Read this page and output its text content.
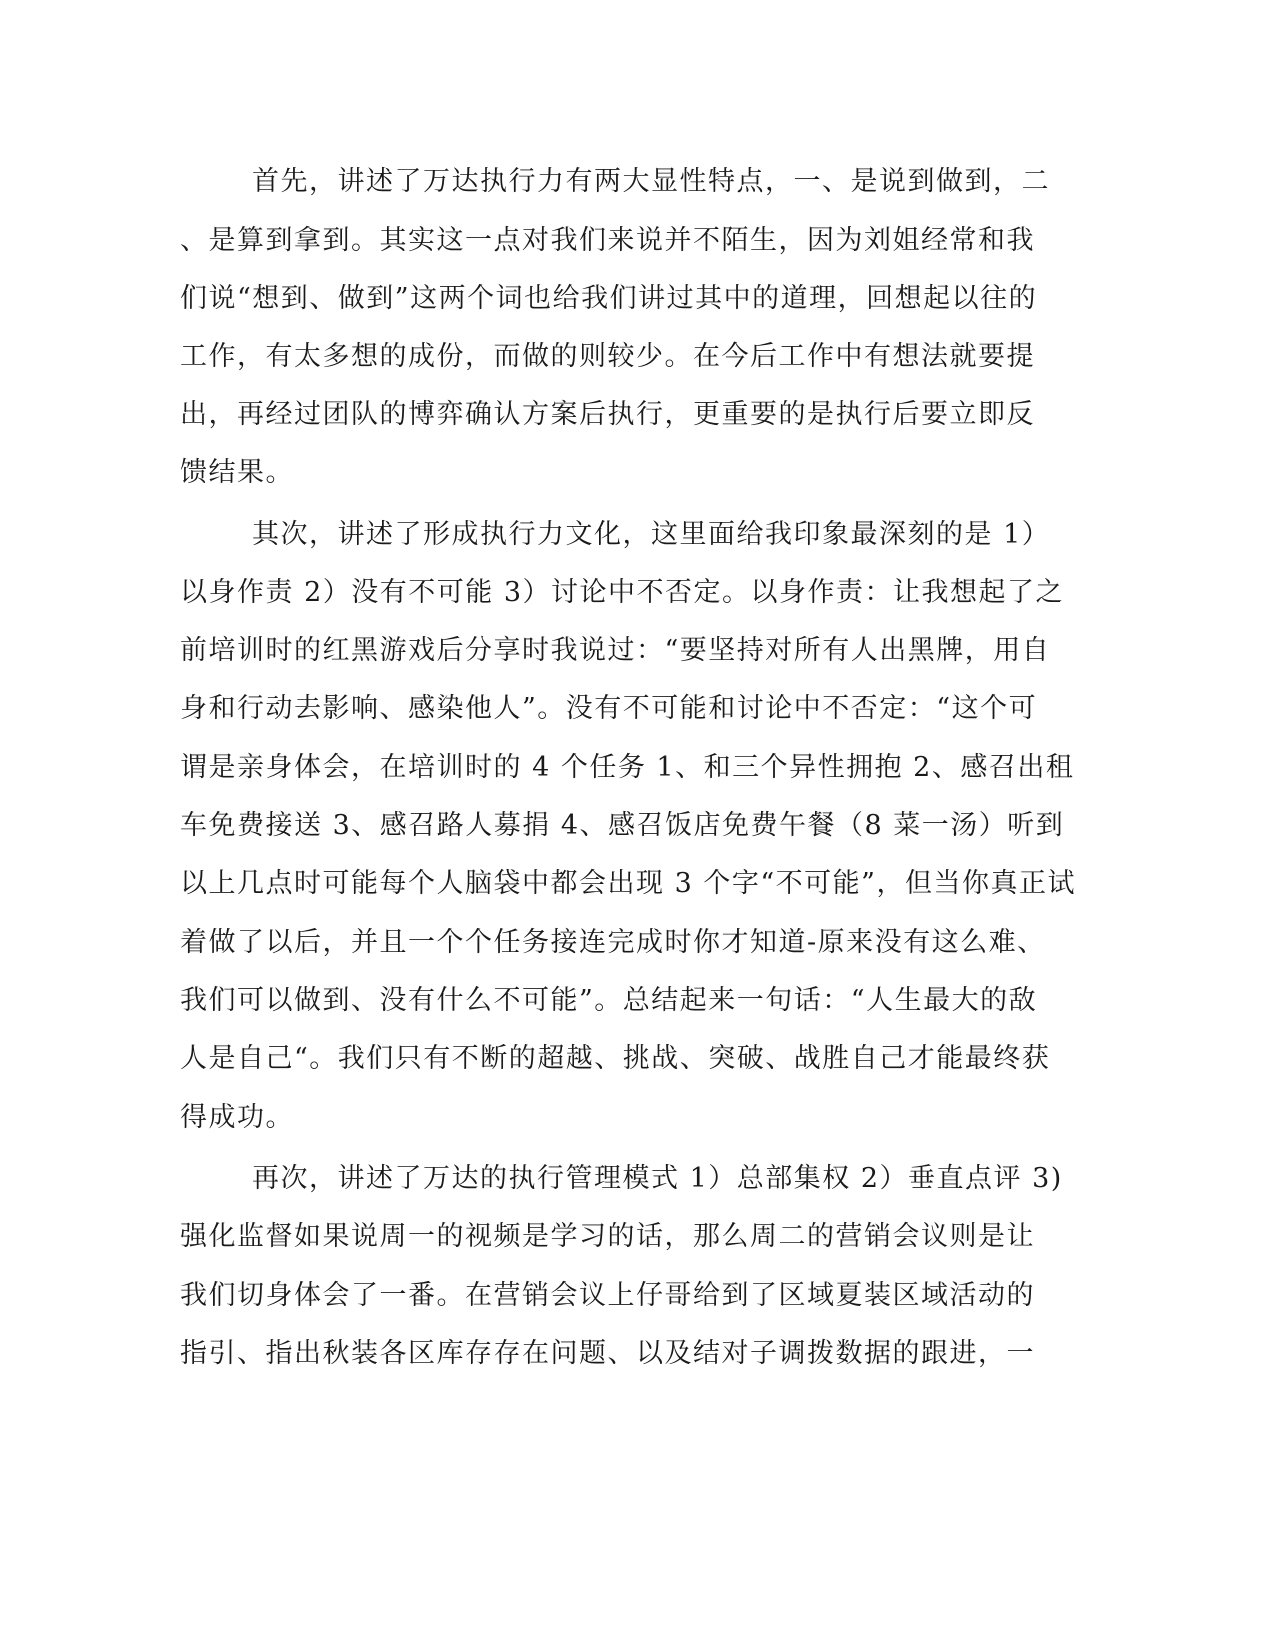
首先，讲述了万达执行力有两大显性特点，一、是说到做到，二
、是算到拿到。其实这一点对我们来说并不陌生，因为刘姐经常和我
们说“想到、做到”这两个词也给我们讲过其中的道理，回想起以往的
工作，有太多想的成份，而做的则较少。在今后工作中有想法就要提
出，再经过团队的博弈确认方案后执行，更重要的是执行后要立即反
馈结果。
其次，讲述了形成执行力文化，这里面给我印象最深刻的是 1）
以身作责 2）没有不可能 3）讨论中不否定。以身作责：让我想起了之
前培训时的红黑游戏后分享时我说过：“要坚持对所有人出黑牌，用自
身和行动去影响、感染他人”。没有不可能和讨论中不否定：“这个可
谓是亲身体会，在培训时的 4 个任务 1、和三个异性拥抱 2、感召出租
车免费接送 3、感召路人募捐 4、感召饭店免费午餐（8 菜一汤）听到
以上几点时可能每个人脑袋中都会出现 3 个字“不可能”，但当你真正试
着做了以后，并且一个个任务接连完成时你才知道-原来没有这么难、
我们可以做到、没有什么不可能”。总结起来一句话：“人生最大的敌
人是自己“。我们只有不断的超越、挑战、突破、战胜自己才能最终获
得成功。
再次，讲述了万达的执行管理模式 1）总部集权 2）垂直点评 3)
强化监督如果说周一的视频是学习的话，那么周二的营销会议则是让
我们切身体会了一番。在营销会议上仔哥给到了区域夏装区域活动的
指引、指出秋装各区库存存在问题、以及结对子调拨数据的跟进，一
